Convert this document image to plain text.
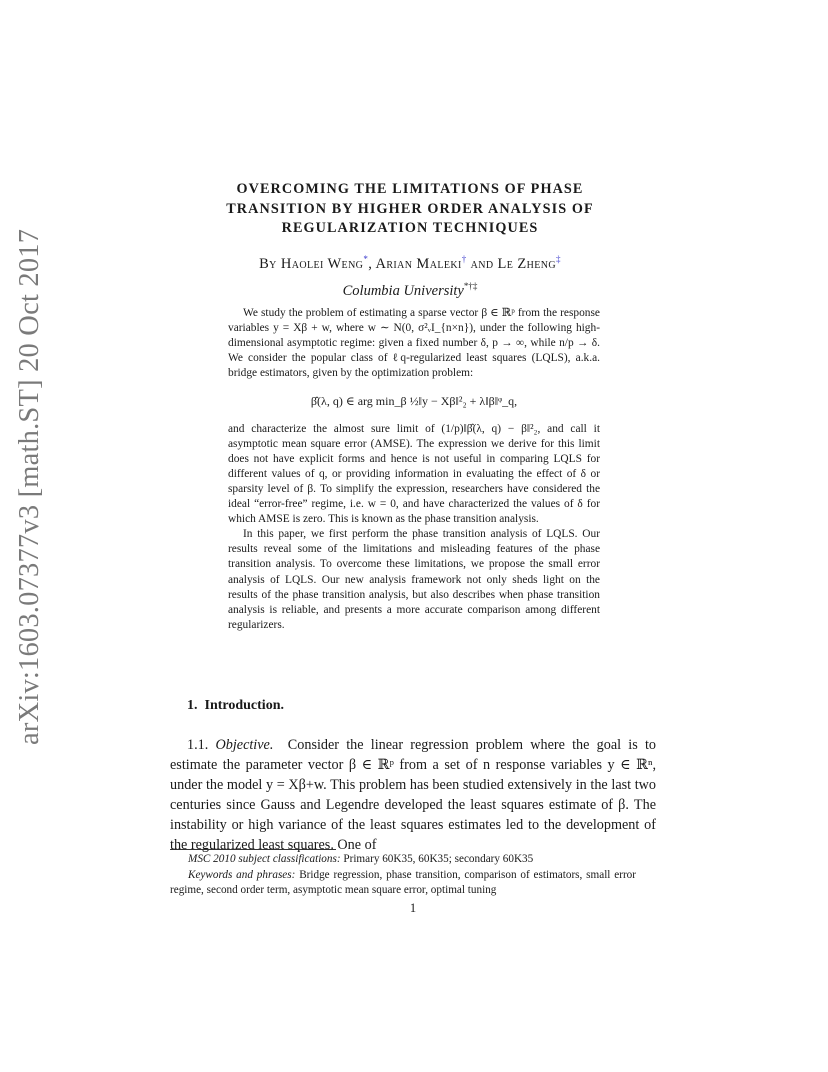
arXiv:1603.07377v3 [math.ST] 20 Oct 2017
OVERCOMING THE LIMITATIONS OF PHASE
TRANSITION BY HIGHER ORDER ANALYSIS OF
REGULARIZATION TECHNIQUES
By Haolei Weng*, Arian Maleki† and Le Zheng‡
Columbia University*†‡

We study the problem of estimating a sparse vector β ∈ ℝᵖ from the response variables y = Xβ + w, where w ∼ N(0, σ²ᵥI_{n×n}), under the following high-dimensional asymptotic regime: given a fixed number δ, p → ∞, while n/p → δ. We consider the popular class of ℓq-regularized least squares (LQLS), a.k.a. bridge estimators, given by the optimization problem:

β̂(λ, q) ∈ arg min_β ½‖y − Xβ‖²₂ + λ‖β‖ᵠ_q,

and characterize the almost sure limit of (1/p)‖β̂(λ, q) − β‖²₂, and call it asymptotic mean square error (AMSE). The expression we derive for this limit does not have explicit forms and hence is not useful in comparing LQLS for different values of q, or providing information in evaluating the effect of δ or sparsity level of β. To simplify the expression, researchers have considered the ideal “error-free” regime, i.e. w = 0, and have characterized the values of δ for which AMSE is zero. This is known as the phase transition analysis.

In this paper, we first perform the phase transition analysis of LQLS. Our results reveal some of the limitations and misleading features of the phase transition analysis. To overcome these limitations, we propose the small error analysis of LQLS. Our new analysis framework not only sheds light on the results of the phase transition analysis, but also describes when phase transition analysis is reliable, and presents a more accurate comparison among different regularizers.

1. Introduction.

1.1. Objective. Consider the linear regression problem where the goal is to estimate the parameter vector β ∈ ℝᵖ from a set of n response variables y ∈ ℝⁿ, under the model y = Xβ+w. This problem has been studied extensively in the last two centuries since Gauss and Legendre developed the least squares estimate of β. The instability or high variance of the least squares estimates led to the development of the regularized least squares. One of

MSC 2010 subject classifications: Primary 60K35, 60K35; secondary 60K35

Keywords and phrases: Bridge regression, phase transition, comparison of estimators, small error regime, second order term, asymptotic mean square error, optimal tuning

1
